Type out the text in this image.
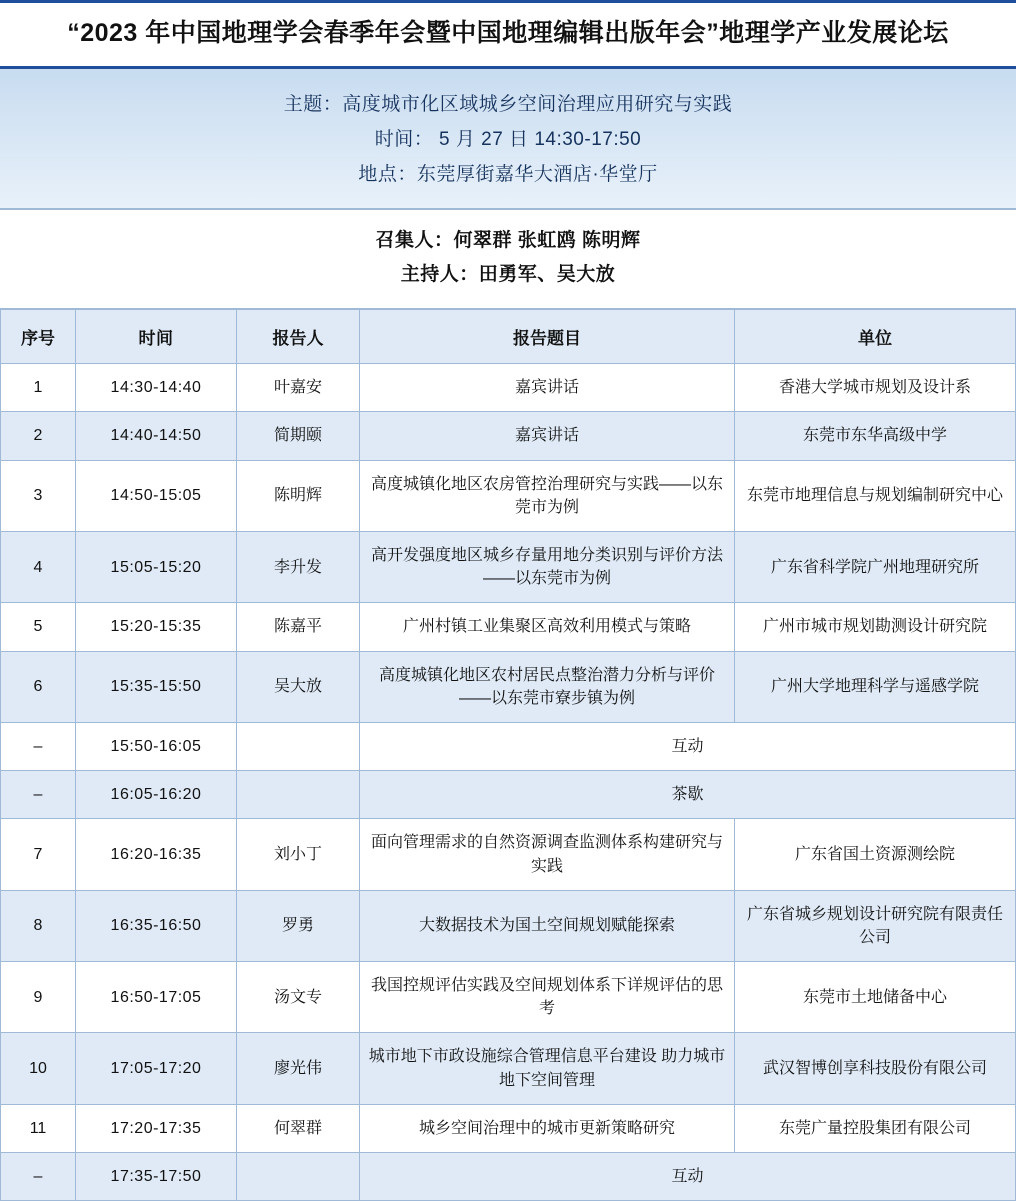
“2023 年中国地理学会春季年会暨中国地理编辑出版年会”地理学产业发展论坛
主题：高度城市化区域城乡空间治理应用研究与实践
时间： 5 月 27 日 14:30-17:50
地点：东莞厚街嘉华大酒店·华堂厅
召集人：何翠群 张虹鸥 陈明辉
主持人：田勇军、吴大放
序号	时间	报告人	报告题目	单位
1	14:30-14:40	叶嘉安	嘉宾讲话	香港大学城市规划及设计系
2	14:40-14:50	简期颐	嘉宾讲话	东莞市东华高级中学
3	14:50-15:05	陈明辉	高度城镇化地区农房管控治理研究与实践——以东莞市为例	东莞市地理信息与规划编制研究中心
4	15:05-15:20	李升发	高开发强度地区城乡存量用地分类识别与评价方法——以东莞市为例	广东省科学院广州地理研究所
5	15:20-15:35	陈嘉平	广州村镇工业集聚区高效利用模式与策略	广州市城市规划勘测设计研究院
6	15:35-15:50	吴大放	高度城镇化地区农村居民点整治潜力分析与评价——以东莞市寮步镇为例	广州大学地理科学与遥感学院
–	15:50-16:05		互动	
–	16:05-16:20		茶歇	
7	16:20-16:35	刘小丁	面向管理需求的自然资源调查监测体系构建研究与实践	广东省国土资源测绘院
8	16:35-16:50	罗勇	大数据技术为国土空间规划赋能探索	广东省城乡规划设计研究院有限责任公司
9	16:50-17:05	汤文专	我国控规评估实践及空间规划体系下详规评估的思考	东莞市土地储备中心
10	17:05-17:20	廖光伟	城市地下市政设施综合管理信息平台建设 助力城市地下空间管理	武汉智博创享科技股份有限公司
11	17:20-17:35	何翠群	城乡空间治理中的城市更新策略研究	东莞广量控股集团有限公司
–	17:35-17:50		互动	
